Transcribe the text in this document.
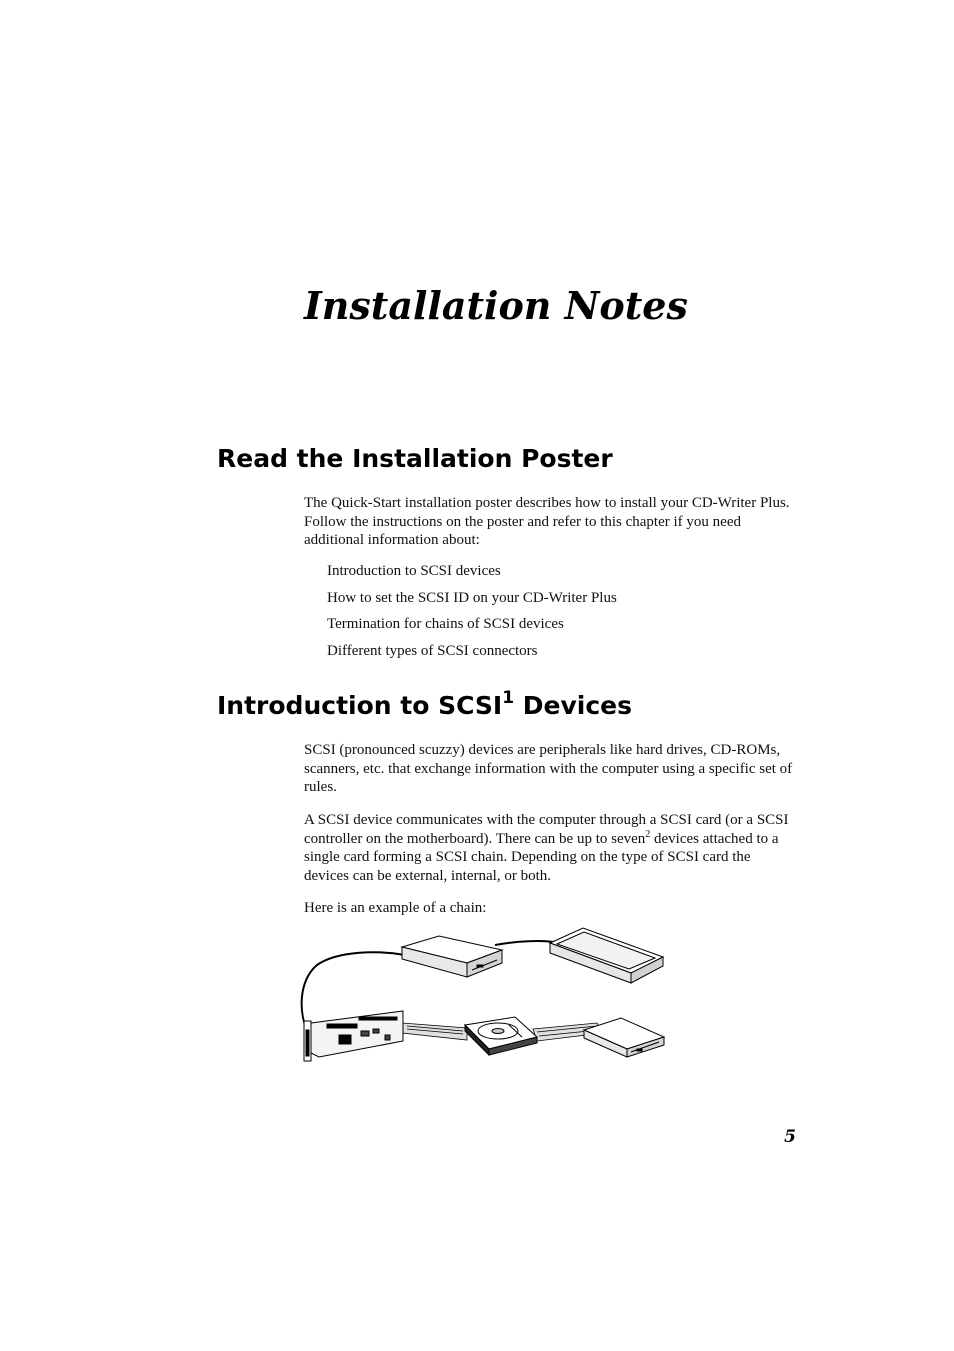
Installation Notes
Read the Installation Poster

The Quick-Start installation poster describes how to install your CD-Writer Plus. Follow the instructions on the poster and refer to this chapter if you need additional information about:

Introduction to SCSI devices
How to set the SCSI ID on your CD-Writer Plus
Termination for chains of SCSI devices
Different types of SCSI connectors
Introduction to SCSI$^1$ Devices

SCSI (pronounced scuzzy) devices are peripherals like hard drives, CD-ROMs, scanners, etc. that exchange information with the computer using a specific set of rules.

A SCSI device communicates with the computer through a SCSI card (or a SCSI controller on the motherboard). There can be up to seven$^2$ devices attached to a single card forming a SCSI chain. Depending on the type of SCSI card the devices can be external, internal, or both.

Here is an example of a chain:

5
